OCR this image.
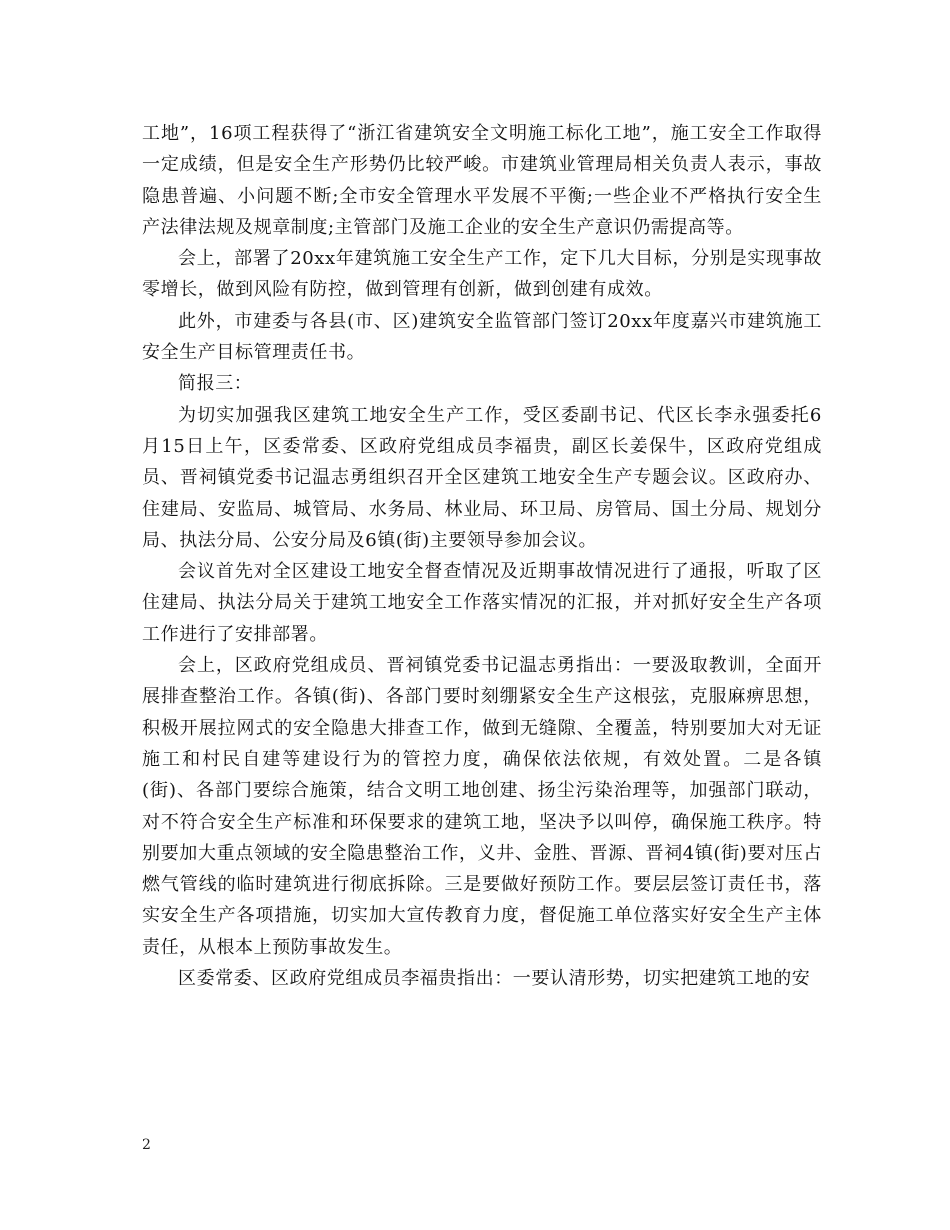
工地”，16项工程获得了“浙江省建筑安全文明施工标化工地”，施工安全工作取得一定成绩，但是安全生产形势仍比较严峻。市建筑业管理局相关负责人表示，事故隐患普遍、小问题不断;全市安全管理水平发展不平衡;一些企业不严格执行安全生产法律法规及规章制度;主管部门及施工企业的安全生产意识仍需提高等。

会上，部署了20xx年建筑施工安全生产工作，定下几大目标，分别是实现事故零增长，做到风险有防控，做到管理有创新，做到创建有成效。

此外，市建委与各县(市、区)建筑安全监管部门签订20xx年度嘉兴市建筑施工安全生产目标管理责任书。

简报三：

为切实加强我区建筑工地安全生产工作，受区委副书记、代区长李永强委托6月15日上午，区委常委、区政府党组成员李福贵，副区长姜保牛，区政府党组成员、晋祠镇党委书记温志勇组织召开全区建筑工地安全生产专题会议。区政府办、住建局、安监局、城管局、水务局、林业局、环卫局、房管局、国土分局、规划分局、执法分局、公安分局及6镇(街)主要领导参加会议。

会议首先对全区建设工地安全督查情况及近期事故情况进行了通报，听取了区住建局、执法分局关于建筑工地安全工作落实情况的汇报，并对抓好安全生产各项工作进行了安排部署。

会上，区政府党组成员、晋祠镇党委书记温志勇指出：一要汲取教训，全面开展排查整治工作。各镇(街)、各部门要时刻绷紧安全生产这根弦，克服麻痹思想，积极开展拉网式的安全隐患大排查工作，做到无缝隙、全覆盖，特别要加大对无证施工和村民自建等建设行为的管控力度，确保依法依规，有效处置。二是各镇(街)、各部门要综合施策，结合文明工地创建、扬尘污染治理等，加强部门联动，对不符合安全生产标准和环保要求的建筑工地，坚决予以叫停，确保施工秩序。特别要加大重点领域的安全隐患整治工作，义井、金胜、晋源、晋祠4镇(街)要对压占燃气管线的临时建筑进行彻底拆除。三是要做好预防工作。要层层签订责任书，落实安全生产各项措施，切实加大宣传教育力度，督促施工单位落实好安全生产主体责任，从根本上预防事故发生。

区委常委、区政府党组成员李福贵指出：一要认清形势，切实把建筑工地的安

2
